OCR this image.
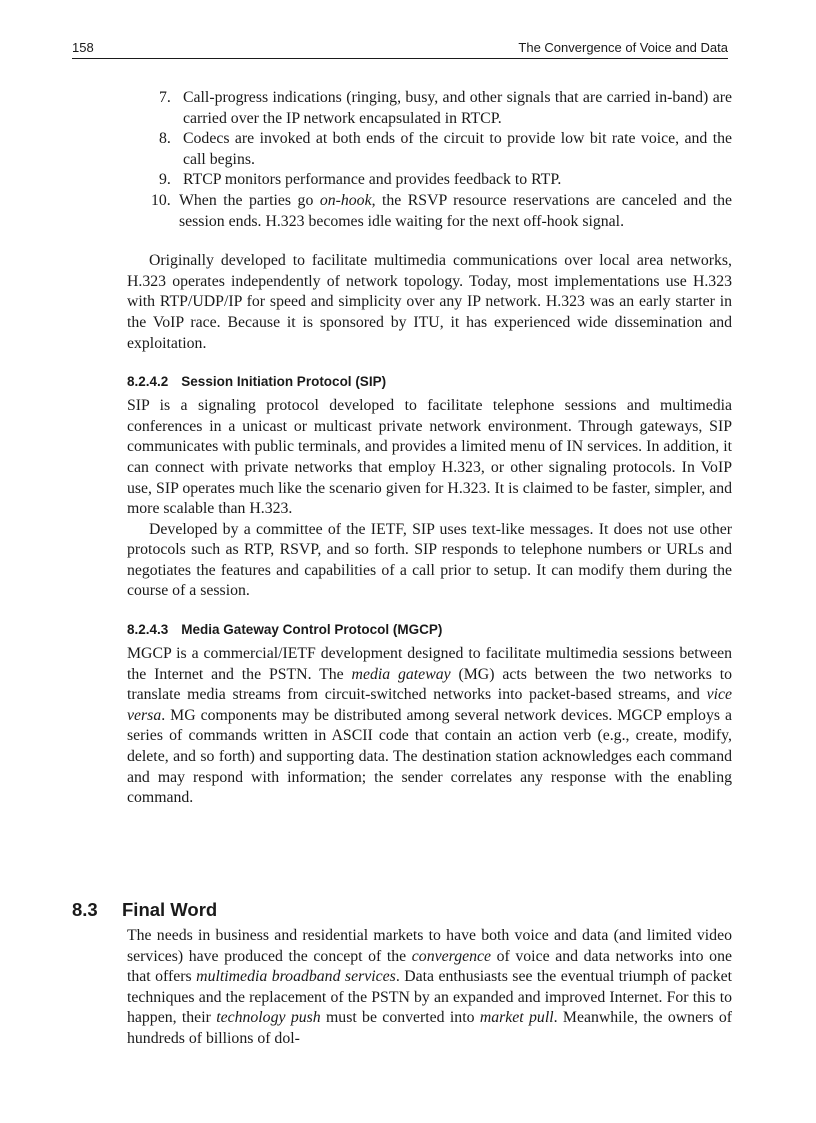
158	The Convergence of Voice and Data
7. Call-progress indications (ringing, busy, and other signals that are carried in-band) are carried over the IP network encapsulated in RTCP.
8. Codecs are invoked at both ends of the circuit to provide low bit rate voice, and the call begins.
9. RTCP monitors performance and provides feedback to RTP.
10. When the parties go on-hook, the RSVP resource reservations are canceled and the session ends. H.323 becomes idle waiting for the next off-hook signal.

Originally developed to facilitate multimedia communications over local area networks, H.323 operates independently of network topology. Today, most implementations use H.323 with RTP/UDP/IP for speed and simplicity over any IP network. H.323 was an early starter in the VoIP race. Because it is sponsored by ITU, it has experienced wide dissemination and exploitation.

8.2.4.2 Session Initiation Protocol (SIP)

SIP is a signaling protocol developed to facilitate telephone sessions and multimedia conferences in a unicast or multicast private network environment. Through gateways, SIP communicates with public terminals, and provides a limited menu of IN services. In addition, it can connect with private networks that employ H.323, or other signaling protocols. In VoIP use, SIP operates much like the scenario given for H.323. It is claimed to be faster, simpler, and more scalable than H.323.

Developed by a committee of the IETF, SIP uses text-like messages. It does not use other protocols such as RTP, RSVP, and so forth. SIP responds to telephone numbers or URLs and negotiates the features and capabilities of a call prior to setup. It can modify them during the course of a session.

8.2.4.3 Media Gateway Control Protocol (MGCP)

MGCP is a commercial/IETF development designed to facilitate multimedia sessions between the Internet and the PSTN. The media gateway (MG) acts between the two networks to translate media streams from circuit-switched networks into packet-based streams, and vice versa. MG components may be distributed among several network devices. MGCP employs a series of commands written in ASCII code that contain an action verb (e.g., create, modify, delete, and so forth) and supporting data. The destination station acknowledges each command and may respond with information; the sender correlates any response with the enabling command.

8.3 Final Word

The needs in business and residential markets to have both voice and data (and limited video services) have produced the concept of the convergence of voice and data networks into one that offers multimedia broadband services. Data enthusiasts see the eventual triumph of packet techniques and the replacement of the PSTN by an expanded and improved Internet. For this to happen, their technology push must be converted into market pull. Meanwhile, the owners of hundreds of billions of dol-
